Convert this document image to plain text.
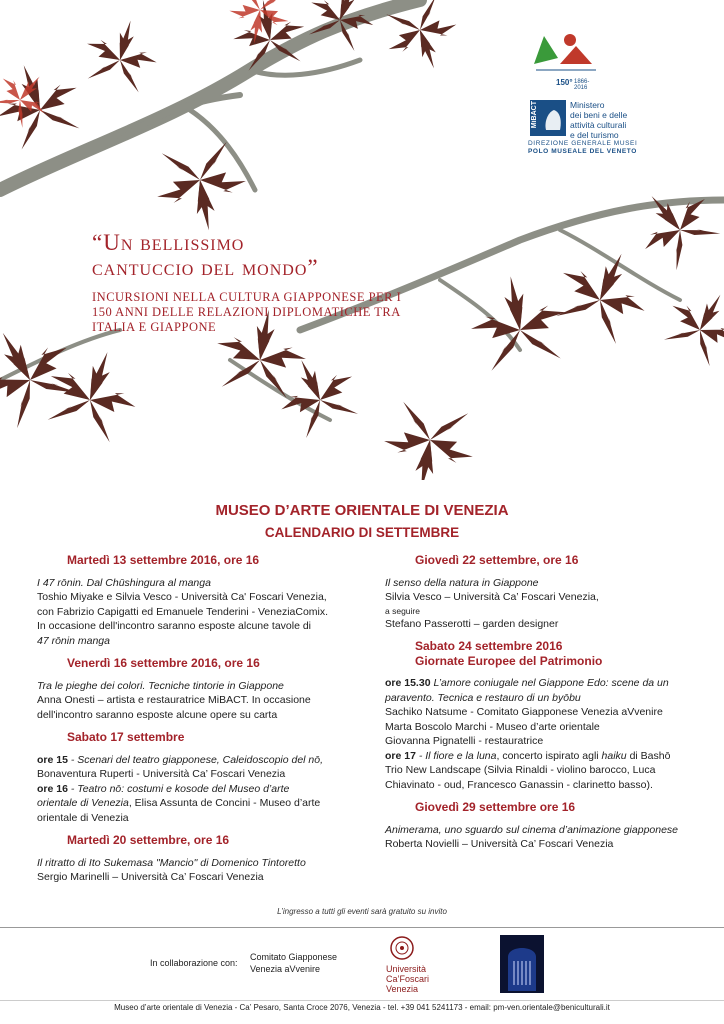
“Un bellissimo
cantuccio del mondo”
INCURSIONI NELLA CULTURA GIAPPONESE PER I 150 ANNI DELLE RELAZIONI DIPLOMATICHE TRA ITALIA E GIAPPONE
150° 1866-2016
MiBACT	Ministero
dei beni e delle
attività culturali
e del turismo
DIREZIONE GENERALE MUSEI
POLO MUSEALE DEL VENETO
MUSEO D’ARTE ORIENTALE DI VENEZIA
CALENDARIO DI SETTEMBRE
Martedì 13 settembre 2016, ore 16
I 47 rōnin. Dal Chūshingura al manga
Toshio Miyake e Silvia Vesco - Università Ca' Foscari Venezia,
con Fabrizio Capigatti ed Emanuele Tenderini - VeneziaComix.
In occasione dell'incontro saranno esposte alcune tavole di
47 rōnin manga
Venerdì 16 settembre 2016, ore 16
Tra le pieghe dei colori. Tecniche tintorie in Giappone
Anna Onesti – artista e restauratrice MiBACT. In occasione
dell'incontro saranno esposte alcune opere su carta
Sabato 17 settembre
ore 15 - Scenari del teatro giapponese, Caleidoscopio del nō,
Bonaventura Ruperti - Università Ca’ Foscari Venezia
ore 16 - Teatro nō: costumi e kosode del Museo d’arte
orientale di Venezia, Elisa Assunta de Concini - Museo d’arte
orientale di Venezia
Martedì 20 settembre, ore 16
Il ritratto di Ito Sukemasa "Mancio" di Domenico Tintoretto
Sergio Marinelli – Università Ca’ Foscari Venezia
Giovedì 22 settembre, ore 16
Il senso della natura in Giappone
Silvia Vesco – Università Ca’ Foscari Venezia,
a seguire
Stefano Passerotti – garden designer
Sabato 24 settembre 2016
Giornate Europee del Patrimonio
ore 15.30 L’amore coniugale nel Giappone Edo: scene da un
paravento. Tecnica e restauro di un byōbu
Sachiko Natsume - Comitato Giapponese Venezia aVvenire
Marta Boscolo Marchi - Museo d’arte orientale
Giovanna Pignatelli - restauratrice
ore 17 - Il fiore e la luna, concerto ispirato agli haiku di Bashō
Trio New Landscape (Silvia Rinaldi - violino barocco, Luca
Chiavinato - oud, Francesco Ganassin - clarinetto basso).
Giovedì 29 settembre ore 16
Animerama, uno sguardo sul cinema d’animazione giapponese
Roberta Novielli – Università Ca’ Foscari Venezia
L’ingresso a tutti gli eventi sarà gratuito su invito
In collaborazione con:
Comitato Giapponese
Venezia aVvenire	Università
Ca’Foscari
Venezia
Museo d’arte orientale di Venezia - Ca’ Pesaro, Santa Croce 2076, Venezia - tel. +39 041 5241173 - email: pm-ven.orientale@beniculturali.it
